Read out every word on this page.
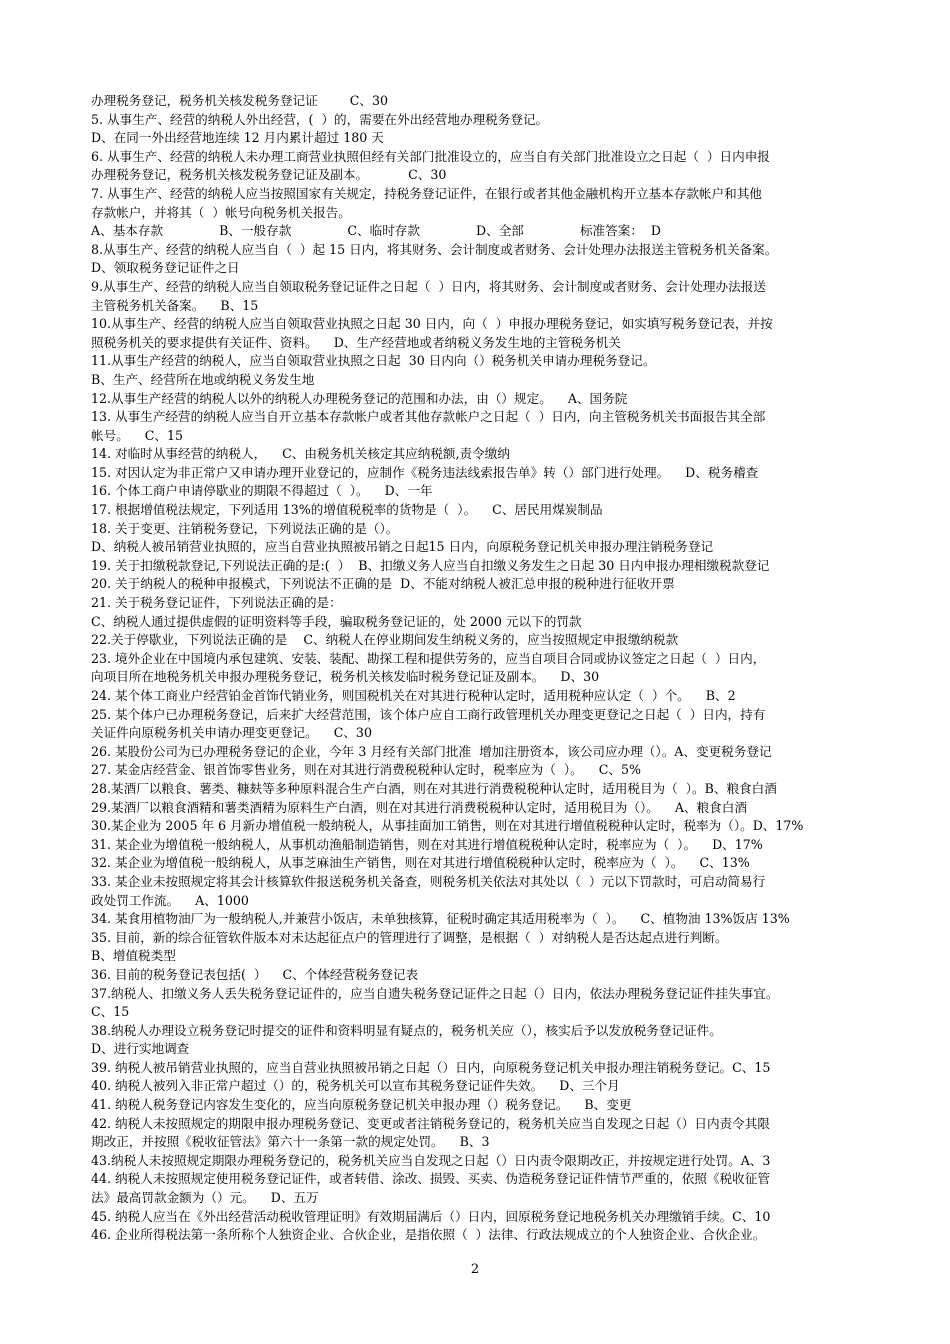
办理税务登记，税务机关核发税务登记证        C、30
5. 从事生产、经营的纳税人外出经营，(  ）的，需要在外出经营地办理税务登记。
D、在同一外出经营地连续 12 月内累计超过 180 天
6. 从事生产、经营的纳税人未办理工商营业执照但经有关部门批准设立的，应当自有关部门批准设立之日起（  ）日内申报
办理税务登记，税务机关核发税务登记证及副本。          C、30
7. 从事生产、经营的纳税人应当按照国家有关规定，持税务登记证件，在银行或者其他金融机构开立基本存款帐户和其他
存款帐户，并将其（  ）帐号向税务机关报告。
A、基本存款              B、一般存款              C、临时存款              D、全部              标准答案：  D
8.从事生产、经营的纳税人应当自（  ）起 15 日内，将其财务、会计制度或者财务、会计处理办法报送主管税务机关备案。
D、领取税务登记证件之日
9.从事生产、经营的纳税人应当自领取税务登记证件之日起（  ）日内，将其财务、会计制度或者财务、会计处理办法报送
主管税务机关备案。    B、15
10.从事生产、经营的纳税人应当自领取营业执照之日起 30 日内，向（  ）申报办理税务登记，如实填写税务登记表，并按
照税务机关的要求提供有关证件、资料。    D、生产经营地或者纳税义务发生地的主管税务机关
11.从事生产经营的纳税人，应当自领取营业执照之日起  30 日内向（）税务机关申请办理税务登记。
B、生产、经营所在地或纳税义务发生地
12.从事生产经营的纳税人以外的纳税人办理税务登记的范围和办法，由（）规定。    A、国务院
13. 从事生产经营的纳税人应当自开立基本存款帐户或者其他存款帐户之日起（  ）日内，向主管税务机关书面报告其全部
帐号。    C、15
14. 对临时从事经营的纳税人，    C、由税务机关核定其应纳税额,责令缴纳
15. 对因认定为非正常户又申请办理开业登记的，应制作《税务违法线索报告单》转（）部门进行处理。    D、税务稽查
16. 个体工商户申请停歇业的期限不得超过（  ）。    D、一年
17. 根据增值税法规定，下列适用 13%的增值税税率的货物是（  ）。    C、居民用煤炭制品
18. 关于变更、注销税务登记，下列说法正确的是（）。
D、纳税人被吊销营业执照的，应当自营业执照被吊销之日起15 日内，向原税务登记机关申报办理注销税务登记
19. 关于扣缴税款登记,下列说法正确的是:(  ）  B、扣缴义务人应当自扣缴义务发生之日起 30 日内申报办理相缴税款登记
20. 关于纳税人的税种申报模式，下列说法不正确的是  D、不能对纳税人被汇总申报的税种进行征收开票
21. 关于税务登记证件，下列说法正确的是：
C、纳税人通过提供虚假的证明资料等手段，骗取税务登记证的，处 2000 元以下的罚款
22.关于停歇业，下列说法正确的是    C、纳税人在停业期间发生纳税义务的，应当按照规定申报缴纳税款
23. 境外企业在中国境内承包建筑、安装、装配、勘探工程和提供劳务的，应当自项目合同或协议签定之日起（  ）日内，
向项目所在地税务机关申报办理税务登记，税务机关核发临时税务登记证及副本。    D、30
24. 某个体工商业户经营铂金首饰代销业务，则国税机关在对其进行税种认定时，适用税种应认定（  ）个。    B、2
25. 某个体户已办理税务登记，后来扩大经营范围，该个体户应自工商行政管理机关办理变更登记之日起（  ）日内，持有
关证件向原税务机关申请办理变更登记。    C、30
26. 某股份公司为已办理税务登记的企业，今年 3 月经有关部门批准  增加注册资本，该公司应办理（）。A、变更税务登记
27. 某金店经营金、银首饰零售业务，则在对其进行消费税税种认定时，税率应为（  ）。    C、5%
28.某酒厂以粮食、薯类、糠麸等多种原料混合生产白酒，则在对其进行消费税税种认定时，适用税目为（  ）。B、粮食白酒
29.某酒厂以粮食酒精和薯类酒精为原料生产白酒，则在对其进行消费税税种认定时，适用税目为（）。    A、粮食白酒
30.某企业为 2005 年 6 月新办增值税一般纳税人，从事挂面加工销售，则在对其进行增值税税种认定时，税率为（）。D、17%
31. 某企业为增值税一般纳税人，从事机动渔船制造销售，则在对其进行增值税税种认定时，税率应为（  ）。    D、17%
32. 某企业为增值税一般纳税人，从事芝麻油生产销售，则在对其进行增值税税种认定时，税率应为（  ）。    C、13%
33. 某企业未按照规定将其会计核算软件报送税务机关备查，则税务机关依法对其处以（  ）元以下罚款时，可启动简易行
政处罚工作流。    A、1000
34. 某食用植物油厂为一般纳税人,并兼营小饭店，未单独核算，征税时确定其适用税率为（  ）。    C、植物油 13%饭店 13%
35. 目前，新的综合征管软件版本对未达起征点户的管理进行了调整，是根据（  ）对纳税人是否达起点进行判断。
B、增值税类型
36. 目前的税务登记表包括(  ）    C、个体经营税务登记表
37.纳税人、扣缴义务人丢失税务登记证件的，应当自遗失税务登记证件之日起（）日内，依法办理税务登记证件挂失事宜。
C、15
38.纳税人办理设立税务登记时提交的证件和资料明显有疑点的，税务机关应（），核实后予以发放税务登记证件。
D、进行实地调查
39. 纳税人被吊销营业执照的，应当自营业执照被吊销之日起（）日内，向原税务登记机关申报办理注销税务登记。C、15
40. 纳税人被列入非正常户超过（）的，税务机关可以宣布其税务登记证件失效。    D、三个月
41. 纳税人税务登记内容发生变化的，应当向原税务登记机关申报办理（）税务登记。    B、变更
42. 纳税人未按照规定的期限申报办理税务登记、变更或者注销税务登记的，税务机关应当自发现之日起（）日内责令其限
期改正，并按照《税收征管法》第六十一条第一款的规定处罚。    B、3
43.纳税人未按照规定期限办理税务登记的，税务机关应当自发现之日起（）日内责令限期改正，并按规定进行处罚。A、3
44. 纳税人未按照规定使用税务登记证件，或者转借、涂改、损毁、买卖、伪造税务登记证件情节严重的，依照《税收征管
法》最高罚款金额为（）元。    D、五万
45. 纳税人应当在《外出经营活动税收管理证明》有效期届满后（）日内，回原税务登记地税务机关办理缴销手续。C、10
46. 企业所得税法第一条所称个人独资企业、合伙企业，是指依照（  ）法律、行政法规成立的个人独资企业、合伙企业。
2
